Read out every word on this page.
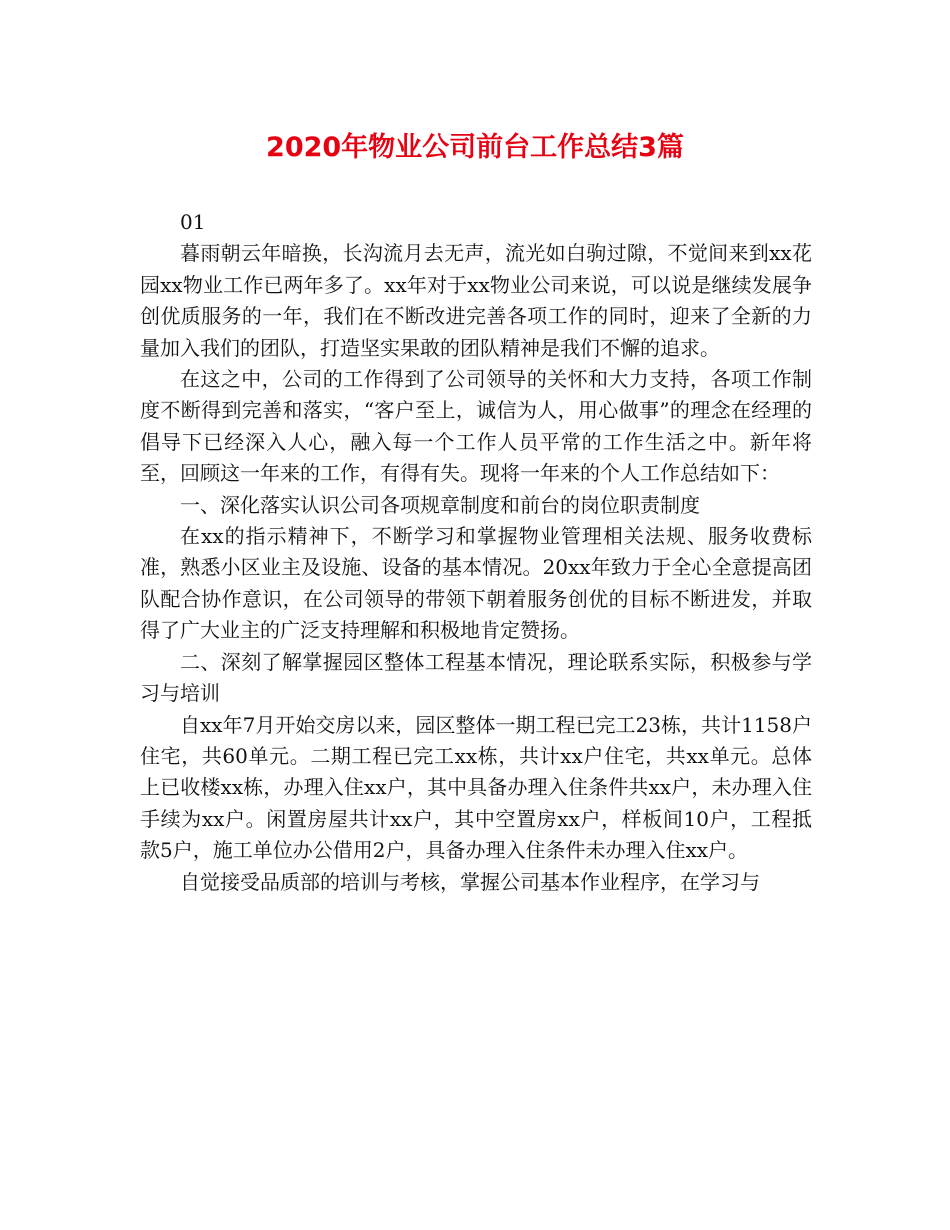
2020年物业公司前台工作总结3篇

01

暮雨朝云年暗换，长沟流月去无声，流光如白驹过隙，不觉间来到xx花园xx物业工作已两年多了。xx年对于xx物业公司来说，可以说是继续发展争创优质服务的一年，我们在不断改进完善各项工作的同时，迎来了全新的力量加入我们的团队，打造坚实果敢的团队精神是我们不懈的追求。

在这之中，公司的工作得到了公司领导的关怀和大力支持，各项工作制度不断得到完善和落实，“客户至上，诚信为人，用心做事”的理念在经理的倡导下已经深入人心，融入每一个工作人员平常的工作生活之中。新年将至，回顾这一年来的工作，有得有失。现将一年来的个人工作总结如下：

一、深化落实认识公司各项规章制度和前台的岗位职责制度

在xx的指示精神下，不断学习和掌握物业管理相关法规、服务收费标准，熟悉小区业主及设施、设备的基本情况。20xx年致力于全心全意提高团队配合协作意识，在公司领导的带领下朝着服务创优的目标不断进发，并取得了广大业主的广泛支持理解和积极地肯定赞扬。

二、深刻了解掌握园区整体工程基本情况，理论联系实际，积极参与学习与培训

自xx年7月开始交房以来，园区整体一期工程已完工23栋，共计1158户住宅，共60单元。二期工程已完工xx栋，共计xx户住宅，共xx单元。总体上已收楼xx栋，办理入住xx户，其中具备办理入住条件共xx户，未办理入住手续为xx户。闲置房屋共计xx户，其中空置房xx户，样板间10户，工程抵款5户，施工单位办公借用2户，具备办理入住条件未办理入住xx户。

自觉接受品质部的培训与考核，掌握公司基本作业程序，在学习与
